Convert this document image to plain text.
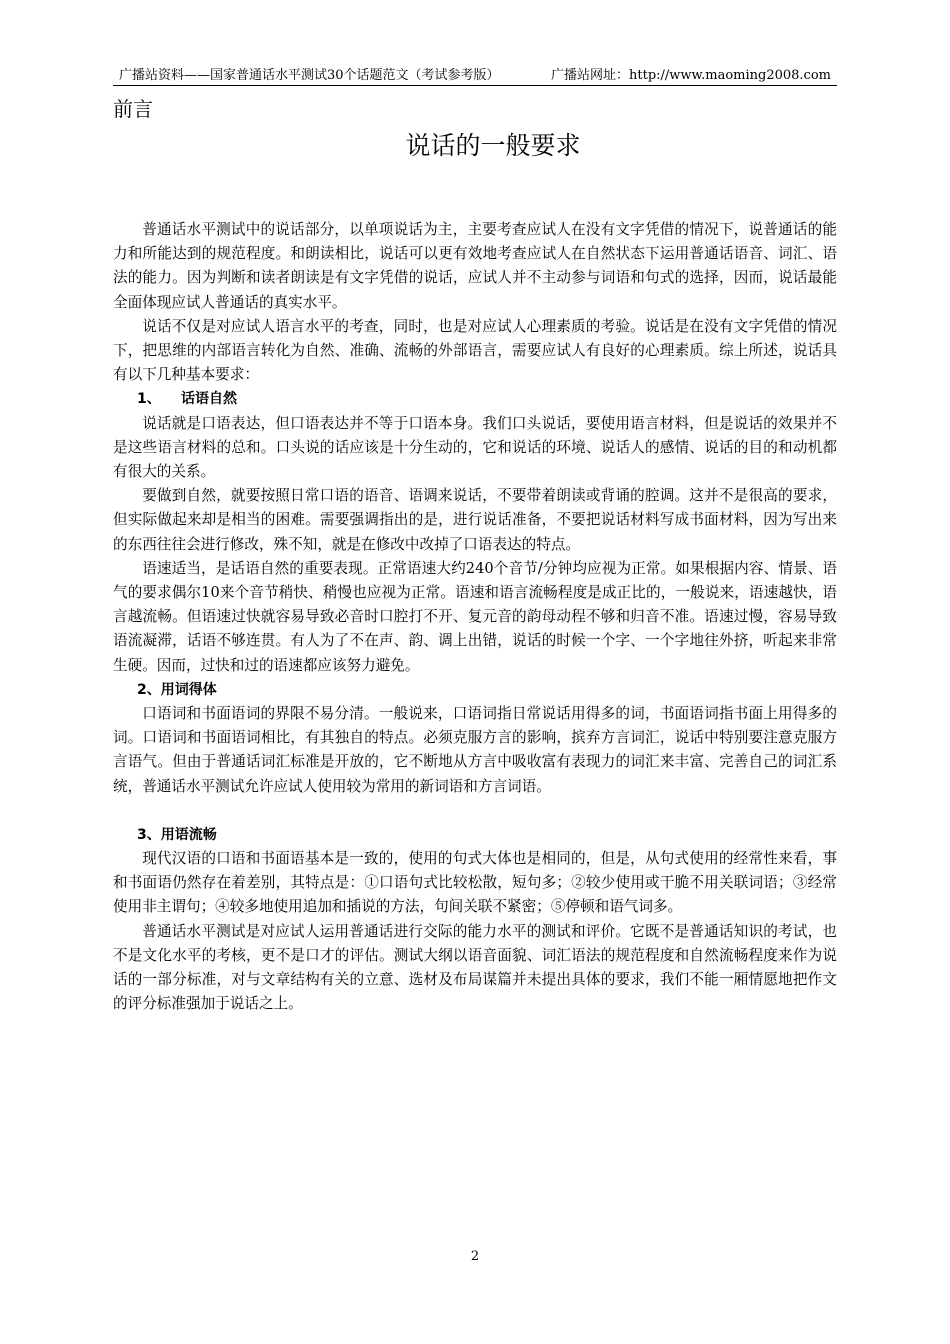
广播站资料——国家普通话水平测试30个话题范文（考试参考版）	广播站网址：http://www.maoming2008.com
前言
说话的一般要求

普通话水平测试中的说话部分，以单项说话为主，主要考查应试人在没有文字凭借的情况下，说普通话的能力和所能达到的规范程度。和朗读相比，说话可以更有效地考查应试人在自然状态下运用普通话语音、词汇、语法的能力。因为判断和读者朗读是有文字凭借的说话，应试人并不主动参与词语和句式的选择，因而，说话最能全面体现应试人普通话的真实水平。

说话不仅是对应试人语言水平的考查，同时，也是对应试人心理素质的考验。说话是在没有文字凭借的情况下，把思维的内部语言转化为自然、准确、流畅的外部语言，需要应试人有良好的心理素质。综上所述，说话具有以下几种基本要求：

1、 话语自然

说话就是口语表达，但口语表达并不等于口语本身。我们口头说话，要使用语言材料，但是说话的效果并不是这些语言材料的总和。口头说的话应该是十分生动的，它和说话的环境、说话人的感情、说话的目的和动机都有很大的关系。

要做到自然，就要按照日常口语的语音、语调来说话，不要带着朗读或背诵的腔调。这并不是很高的要求，但实际做起来却是相当的困难。需要强调指出的是，进行说话准备，不要把说话材料写成书面材料，因为写出来的东西往往会进行修改，殊不知，就是在修改中改掉了口语表达的特点。

语速适当，是话语自然的重要表现。正常语速大约240个音节/分钟均应视为正常。如果根据内容、情景、语气的要求偶尔10来个音节稍快、稍慢也应视为正常。语速和语言流畅程度是成正比的，一般说来，语速越快，语言越流畅。但语速过快就容易导致必音时口腔打不开、复元音的韵母动程不够和归音不准。语速过慢，容易导致语流凝滞，话语不够连贯。有人为了不在声、韵、调上出错，说话的时候一个字、一个字地往外挤，听起来非常生硬。因而，过快和过的语速都应该努力避免。

2、用词得体

口语词和书面语词的界限不易分清。一般说来，口语词指日常说话用得多的词，书面语词指书面上用得多的词。口语词和书面语词相比，有其独自的特点。必须克服方言的影响，摈弃方言词汇，说话中特别要注意克服方言语气。但由于普通话词汇标准是开放的，它不断地从方言中吸收富有表现力的词汇来丰富、完善自己的词汇系统，普通话水平测试允许应试人使用较为常用的新词语和方言词语。

3、用语流畅

现代汉语的口语和书面语基本是一致的，使用的句式大体也是相同的，但是，从句式使用的经常性来看，事和书面语仍然存在着差别，其特点是：①口语句式比较松散，短句多；②较少使用或干脆不用关联词语；③经常使用非主谓句；④较多地使用追加和插说的方法，句间关联不紧密；⑤停顿和语气词多。

普通话水平测试是对应试人运用普通话进行交际的能力水平的测试和评价。它既不是普通话知识的考试，也不是文化水平的考核，更不是口才的评估。测试大纲以语音面貌、词汇语法的规范程度和自然流畅程度来作为说话的一部分标准，对与文章结构有关的立意、选材及布局谋篇并未提出具体的要求，我们不能一厢情愿地把作文的评分标准强加于说话之上。

2
